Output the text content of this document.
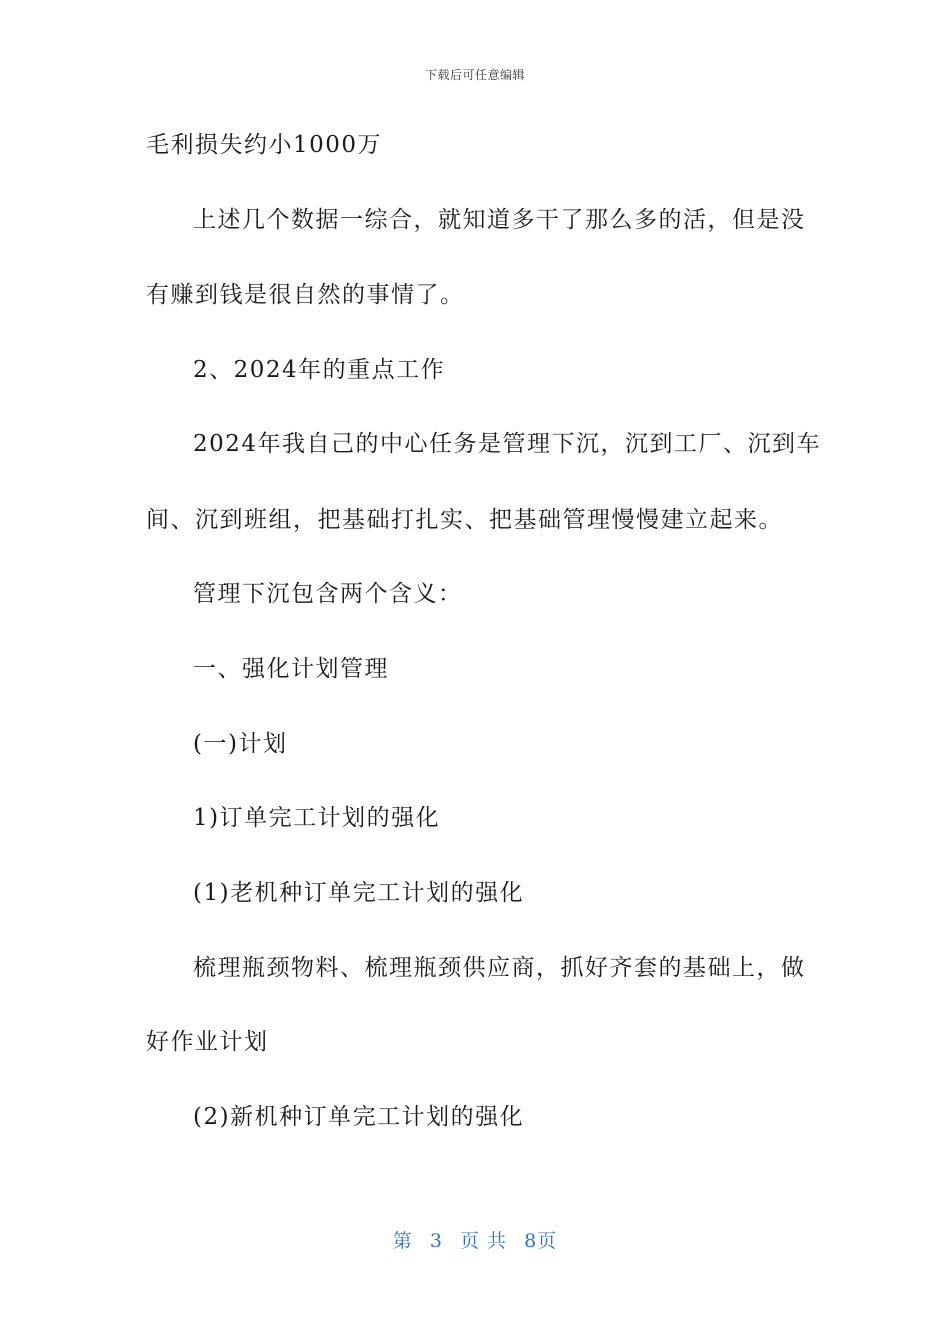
下载后可任意编辑
毛利损失约小1000万
上述几个数据一综合，就知道多干了那么多的活，但是没
有赚到钱是很自然的事情了。
2、2024年的重点工作
2024年我自己的中心任务是管理下沉，沉到工厂、沉到车
间、沉到班组，把基础打扎实、把基础管理慢慢建立起来。
管理下沉包含两个含义：
一、强化计划管理
(一)计划
1)订单完工计划的强化
(1)老机种订单完工计划的强化
梳理瓶颈物料、梳理瓶颈供应商，抓好齐套的基础上，做
好作业计划
(2)新机种订单完工计划的强化
第 3 页 共 8页
